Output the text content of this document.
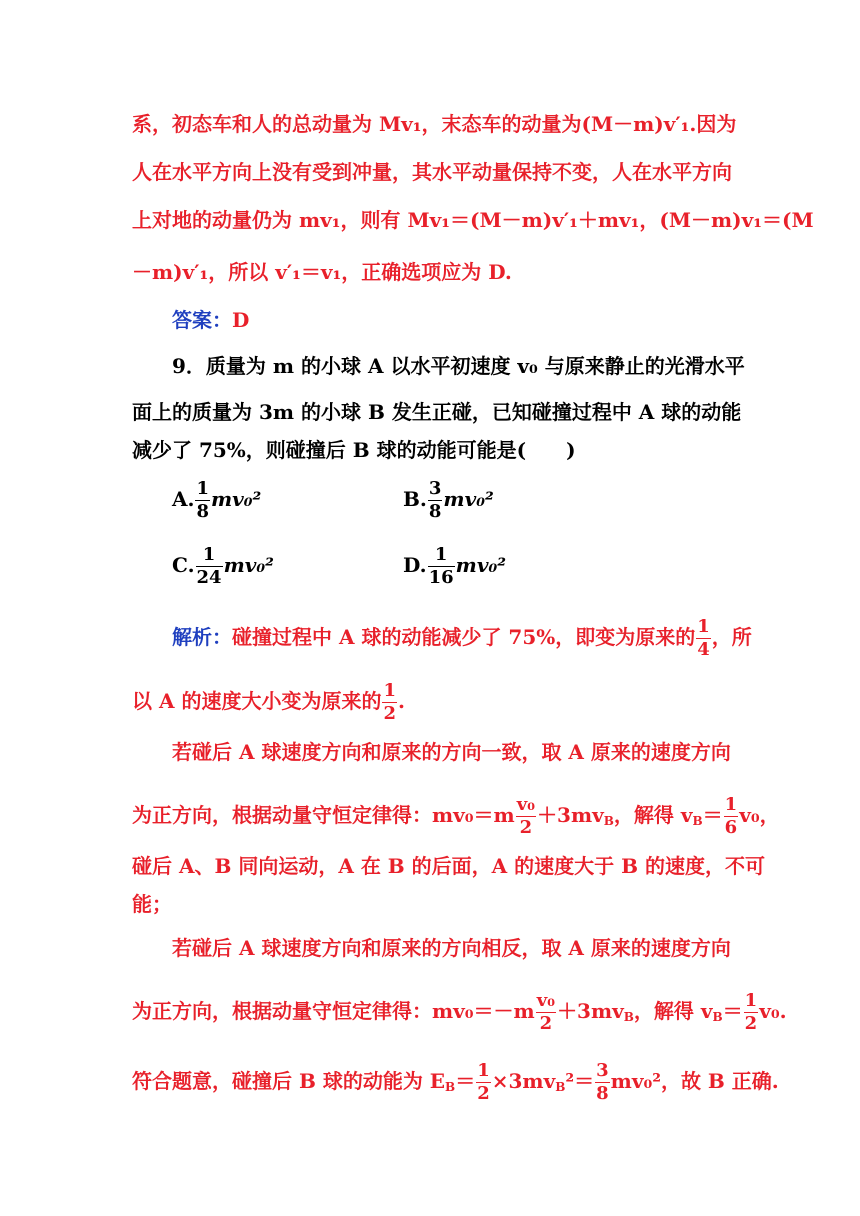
系，初态车和人的总动量为 Mv₁，末态车的动量为(M－m)v′₁.因为
人在水平方向上没有受到冲量，其水平动量保持不变，人在水平方向
上对地的动量仍为 mv₁，则有 Mv₁＝(M－m)v′₁＋mv₁，(M－m)v₁＝(M
－m)v′₁，所以 v′₁＝v₁，正确选项应为 D.
答案：D
9．质量为 m 的小球 A 以水平初速度 v₀ 与原来静止的光滑水平
面上的质量为 3m 的小球 B 发生正碰，已知碰撞过程中 A 球的动能
减少了 75%，则碰撞后 B 球的动能可能是(　　)
A. $\frac{1}{8} mv_0^2$	B. $\frac{3}{8} mv_0^2$
C. $\frac{1}{24} mv_0^2$	D. $\frac{1}{16} mv_0^2$
解析：碰撞过程中 A 球的动能减少了 75%，即变为原来的 $\frac{1}{4}$ ，所
以 A 的速度大小变为原来的 $\frac{1}{2}$ .
若碰后 A 球速度方向和原来的方向一致，取 A 原来的速度方向
为正方向，根据动量守恒定律得：$mv_0=m \frac{\text{v₀}}{2} +3mv_B$，解得 $v_B= \frac{1}{6} v_0$，
碰后 A、B 同向运动，A 在 B 的后面，A 的速度大于 B 的速度，不可
能；
若碰后 A 球速度方向和原来的方向相反，取 A 原来的速度方向
为正方向，根据动量守恒定律得：$mv_0=-m \frac{\text{v₀}}{2} +3mv_B$，解得 $v_B= \frac{1}{2} v_0$.
符合题意，碰撞后 B 球的动能为 $E_B= \frac{1}{2} \times 3mv_B^2= \frac{3}{8} mv_0^2$，故 B 正确.
